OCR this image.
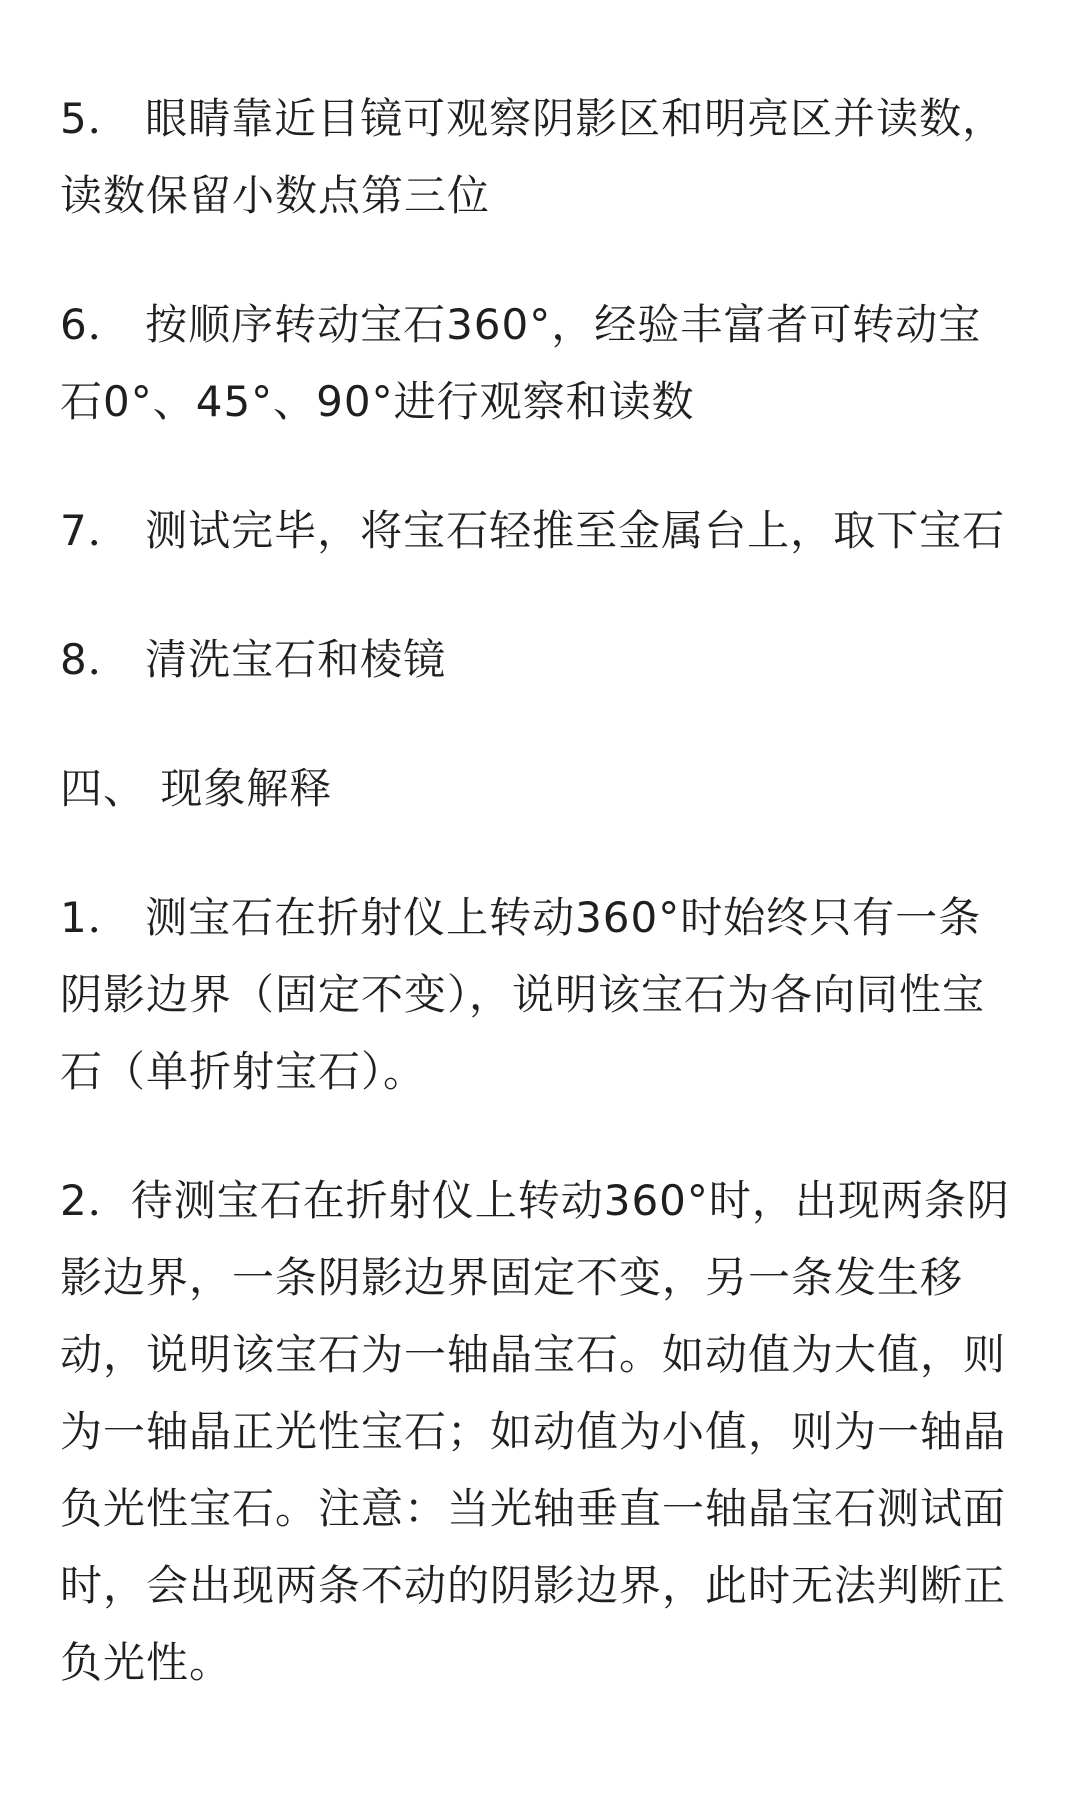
5． 眼睛靠近目镜可观察阴影区和明亮区并读数，读数保留小数点第三位

6． 按顺序转动宝石360°，经验丰富者可转动宝石0°、45°、90°进行观察和读数

7． 测试完毕，将宝石轻推至金属台上，取下宝石

8． 清洗宝石和棱镜

四、 现象解释

1． 测宝石在折射仪上转动360°时始终只有一条阴影边界（固定不变），说明该宝石为各向同性宝石（单折射宝石）。

2．待测宝石在折射仪上转动360°时，出现两条阴影边界，一条阴影边界固定不变，另一条发生移动，说明该宝石为一轴晶宝石。如动值为大值，则为一轴晶正光性宝石；如动值为小值，则为一轴晶负光性宝石。注意：当光轴垂直一轴晶宝石测试面时，会出现两条不动的阴影边界，此时无法判断正负光性。
